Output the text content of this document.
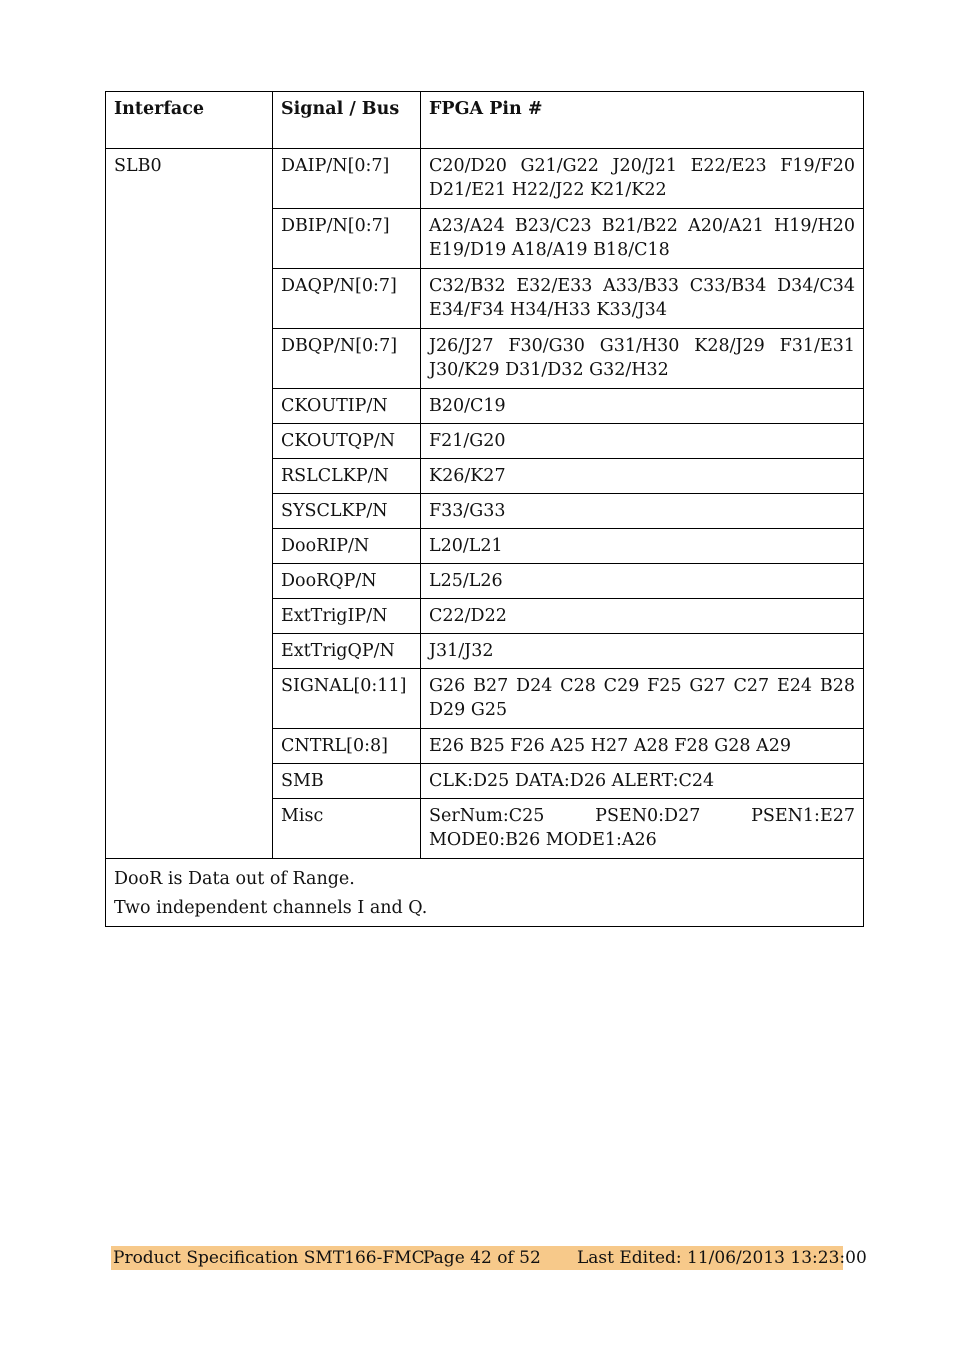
Interface	Signal / Bus	FPGA Pin #
SLB0	DAIP/N[0:7]	C20/D20 G21/G22 J20/J21 E22/E23 F19/F20 D21/E21 H22/J22 K21/K22
	DBIP/N[0:7]	A23/A24 B23/C23 B21/B22 A20/A21 H19/H20 E19/D19 A18/A19 B18/C18
	DAQP/N[0:7]	C32/B32 E32/E33 A33/B33 C33/B34 D34/C34 E34/F34 H34/H33 K33/J34
	DBQP/N[0:7]	J26/J27 F30/G30 G31/H30 K28/J29 F31/E31 J30/K29 D31/D32 G32/H32
	CKOUTIP/N	B20/C19
	CKOUTQP/N	F21/G20
	RSLCLKP/N	K26/K27
	SYSCLKP/N	F33/G33
	DooRIP/N	L20/L21
	DooRQP/N	L25/L26
	ExtTrigIP/N	C22/D22
	ExtTrigQP/N	J31/J32
	SIGNAL[0:11]	G26 B27 D24 C28 C29 F25 G27 C27 E24 B28 D29 G25
	CNTRL[0:8]	E26 B25 F26 A25 H27 A28 F28 G28 A29
	SMB	CLK:D25 DATA:D26 ALERT:C24
	Misc	SerNum:C25 PSEN0:D27 PSEN1:E27 MODE0:B26 MODE1:A26

DooR is Data out of Range.
Two independent channels I and Q.		
Product Specification SMT166-FMC
Page 42 of 52 Last Edited: 11/06/2013 13:23:00
